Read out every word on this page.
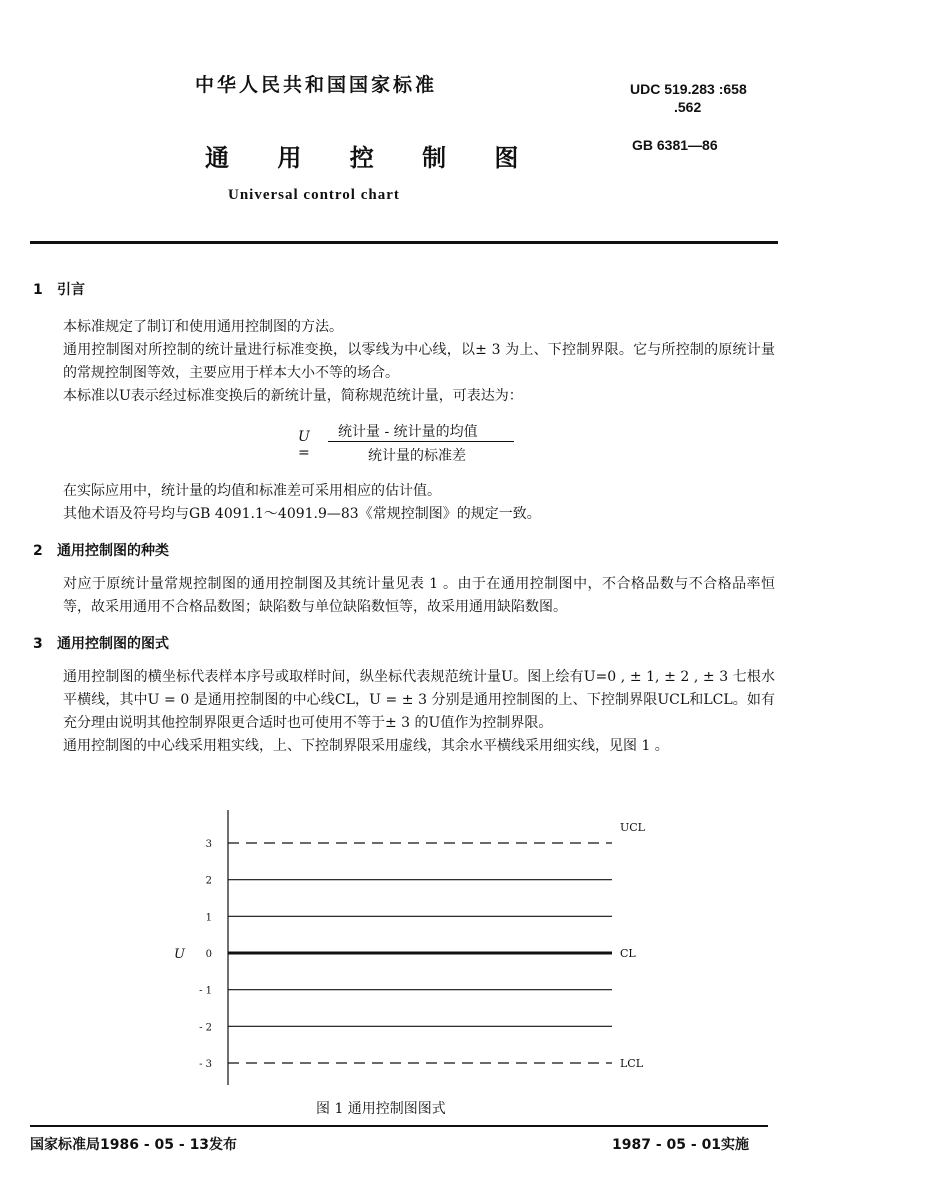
中华人民共和国国家标准	UDC 519.283 :658
.562
GB 6381—86
通 用 控 制 图
Universal control chart
1 引言
本标准规定了制订和使用通用控制图的方法。
通用控制图对所控制的统计量进行标准变换，以零线为中心线，以± 3 为上、下控制界限。它与所控制的原统计量的常规控制图等效，主要应用于样本大小不等的场合。
本标准以U表示经过标准变换后的新统计量，简称规范统计量，可表达为：
U =
统计量 - 统计量的均值
统计量的标准差
在实际应用中，统计量的均值和标准差可采用相应的估计值。
其他术语及符号均与GB 4091.1～4091.9—83《常规控制图》的规定一致。
2 通用控制图的种类
对应于原统计量常规控制图的通用控制图及其统计量见表 1 。由于在通用控制图中，不合格品数与不合格品率恒等，故采用通用不合格品数图；缺陷数与单位缺陷数恒等，故采用通用缺陷数图。
3 通用控制图的图式
通用控制图的横坐标代表样本序号或取样时间，纵坐标代表规范统计量U。图上绘有U=0 , ± 1, ± 2 , ± 3 七根水平横线，其中U = 0 是通用控制图的中心线CL，U = ± 3 分别是通用控制图的上、下控制界限UCL和LCL。如有充分理由说明其他控制界限更合适时也可使用不等于± 3 的U值作为控制界限。
通用控制图的中心线采用粗实线，上、下控制界限采用虚线，其余水平横线采用细实线，见图 1 。
U
3
UCL
2
1
0	CL
- 1
- 2
- 3	LCL
图 1 通用控制图图式
国家标准局1986 - 05 - 13发布	1987 - 05 - 01实施
